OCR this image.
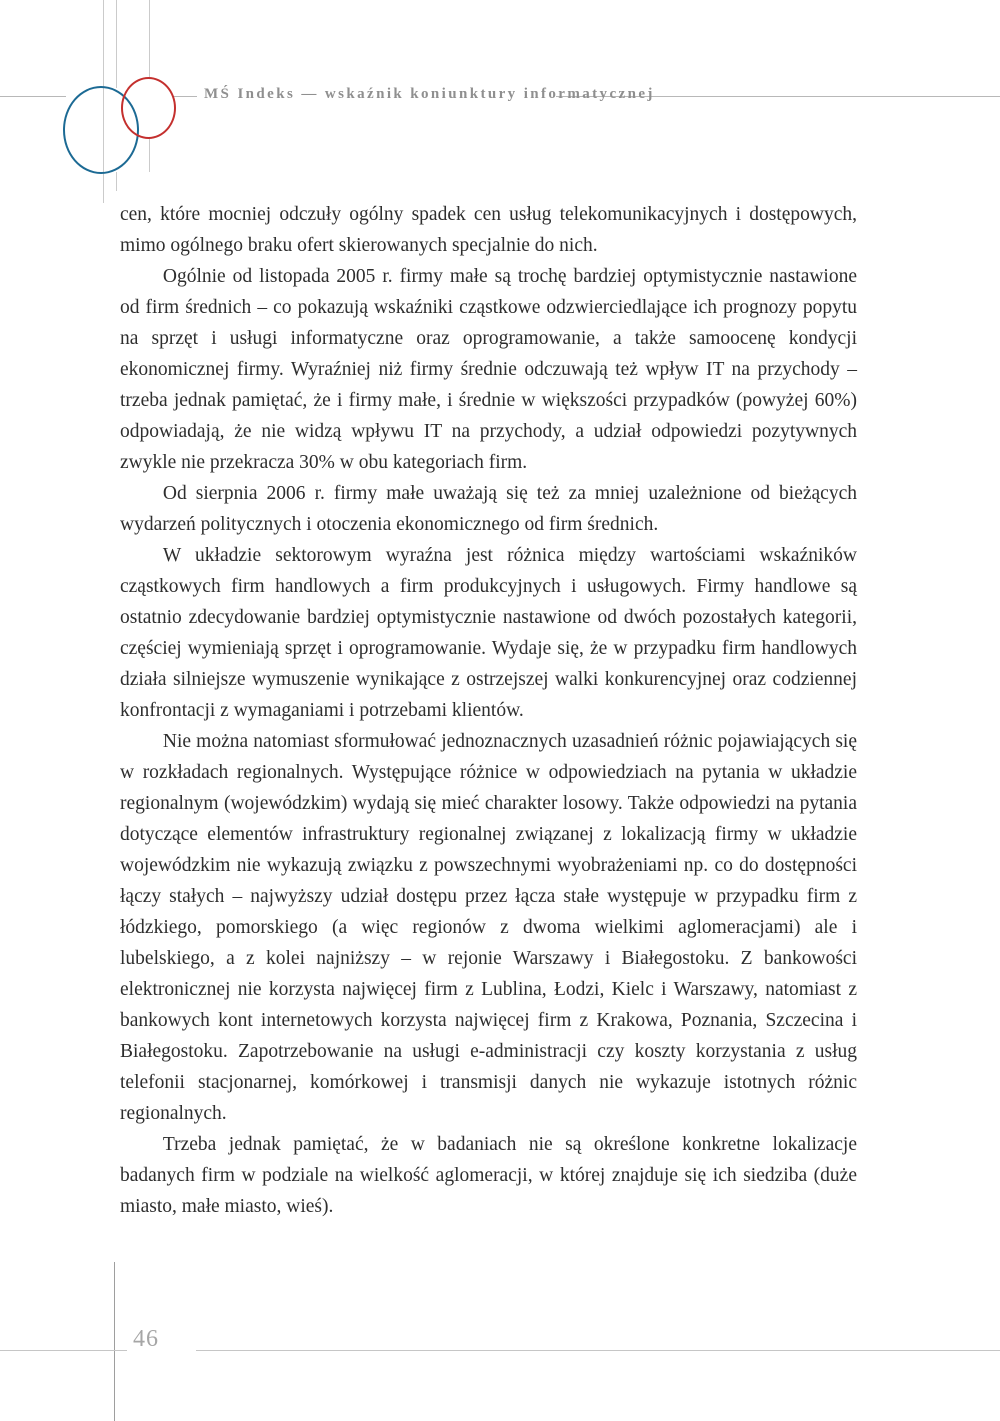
MŚ Indeks — wskaźnik koniunktury informatycznej

cen, które mocniej odczuły ogólny spadek cen usług telekomunikacyjnych i dostępowych, mimo ogólnego braku ofert skierowanych specjalnie do nich.

Ogólnie od listopada 2005 r. firmy małe są trochę bardziej optymistycznie nastawione od firm średnich – co pokazują wskaźniki cząstkowe odzwierciedlające ich prognozy popytu na sprzęt i usługi informatyczne oraz oprogramowanie, a także samoocenę kondycji ekonomicznej firmy. Wyraźniej niż firmy średnie odczuwają też wpływ IT na przychody – trzeba jednak pamiętać, że i firmy małe, i średnie w większości przypadków (powyżej 60%) odpowiadają, że nie widzą wpływu IT na przychody, a udział odpowiedzi pozytywnych zwykle nie przekracza 30% w obu kategoriach firm.

Od sierpnia 2006 r. firmy małe uważają się też za mniej uzależnione od bieżących wydarzeń politycznych i otoczenia ekonomicznego od firm średnich.

W układzie sektorowym wyraźna jest różnica między wartościami wskaźników cząstkowych firm handlowych a firm produkcyjnych i usługowych. Firmy handlowe są ostatnio zdecydowanie bardziej optymistycznie nastawione od dwóch pozostałych kategorii, częściej wymieniają sprzęt i oprogramowanie. Wydaje się, że w przypadku firm handlowych działa silniejsze wymuszenie wynikające z ostrzejszej walki konkurencyjnej oraz codziennej konfrontacji z wymaganiami i potrzebami klientów.

Nie można natomiast sformułować jednoznacznych uzasadnień różnic pojawiających się w rozkładach regionalnych. Występujące różnice w odpowiedziach na pytania w układzie regionalnym (wojewódzkim) wydają się mieć charakter losowy. Także odpowiedzi na pytania dotyczące elementów infrastruktury regionalnej związanej z lokalizacją firmy w układzie wojewódzkim nie wykazują związku z powszechnymi wyobrażeniami np. co do dostępności łączy stałych – najwyższy udział dostępu przez łącza stałe występuje w przypadku firm z łódzkiego, pomorskiego (a więc regionów z dwoma wielkimi aglomeracjami) ale i lubelskiego, a z kolei najniższy – w rejonie Warszawy i Białegostoku. Z bankowości elektronicznej nie korzysta najwięcej firm z Lublina, Łodzi, Kielc i Warszawy, natomiast z bankowych kont internetowych korzysta najwięcej firm z Krakowa, Poznania, Szczecina i Białegostoku. Zapotrzebowanie na usługi e-administracji czy koszty korzystania z usług telefonii stacjonarnej, komórkowej i transmisji danych nie wykazuje istotnych różnic regionalnych.

Trzeba jednak pamiętać, że w badaniach nie są określone konkretne lokalizacje badanych firm w podziale na wielkość aglomeracji, w której znajduje się ich siedziba (duże miasto, małe miasto, wieś).

46
